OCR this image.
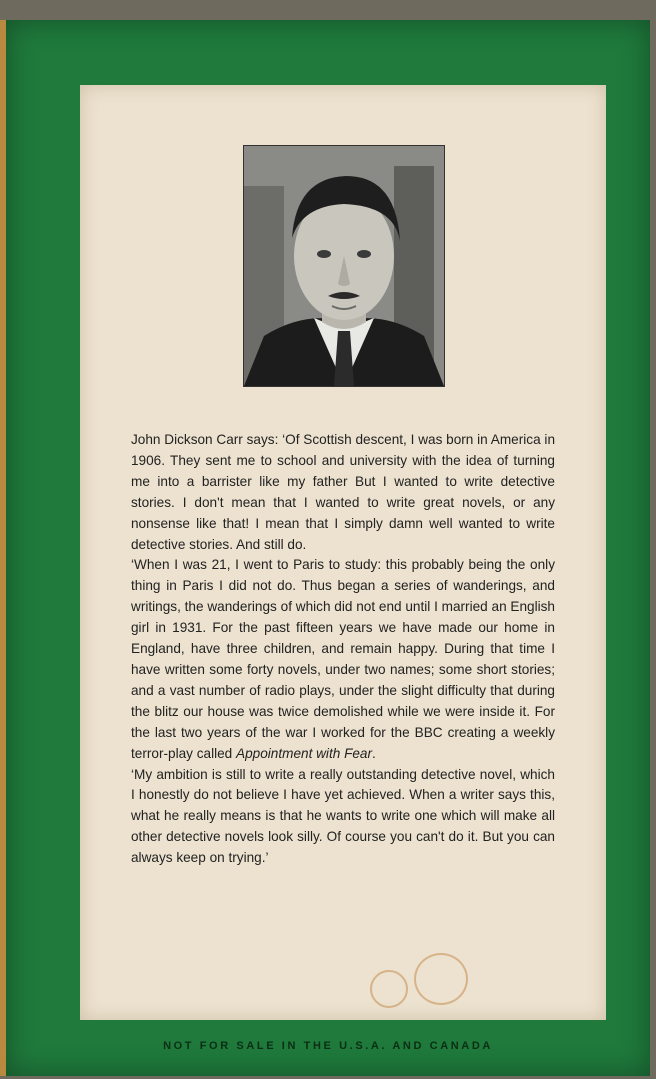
John Dickson Carr says: ‘Of Scottish descent, I was born in America in 1906. They sent me to school and university with the idea of turning me into a barrister like my father But I wanted to write detective stories. I don't mean that I wanted to write great novels, or any nonsense like that! I mean that I simply damn well wanted to write detective stories. And still do.

‘When I was 21, I went to Paris to study: this probably being the only thing in Paris I did not do. Thus began a series of wanderings, and writings, the wanderings of which did not end until I married an English girl in 1931. For the past fifteen years we have made our home in England, have three children, and remain happy. During that time I have written some forty novels, under two names; some short stories; and a vast number of radio plays, under the slight difficulty that during the blitz our house was twice demolished while we were inside it. For the last two years of the war I worked for the BBC creating a weekly terror-play called Appointment with Fear.

‘My ambition is still to write a really outstanding detective novel, which I honestly do not believe I have yet achieved. When a writer says this, what he really means is that he wants to write one which will make all other detective novels look silly. Of course you can't do it. But you can always keep on trying.’

NOT FOR SALE IN THE U.S.A. AND CANADA
